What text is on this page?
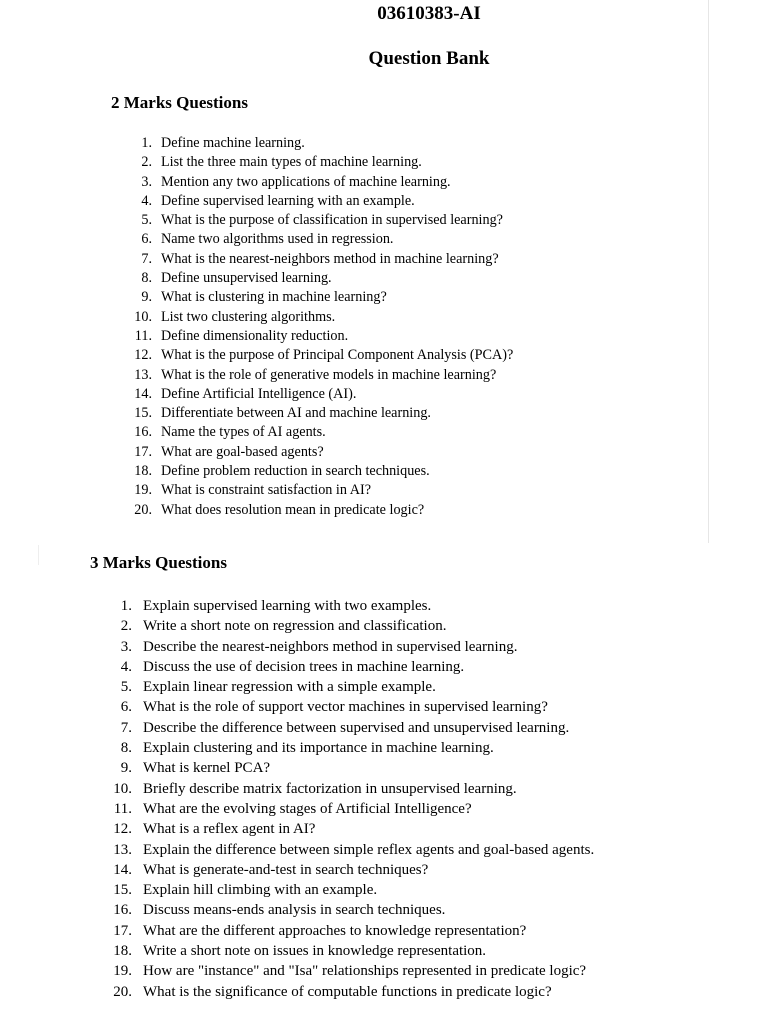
03610383-AI
Question Bank
2 Marks Questions
1. Define machine learning.
2. List the three main types of machine learning.
3. Mention any two applications of machine learning.
4. Define supervised learning with an example.
5. What is the purpose of classification in supervised learning?
6. Name two algorithms used in regression.
7. What is the nearest-neighbors method in machine learning?
8. Define unsupervised learning.
9. What is clustering in machine learning?
10. List two clustering algorithms.
11. Define dimensionality reduction.
12. What is the purpose of Principal Component Analysis (PCA)?
13. What is the role of generative models in machine learning?
14. Define Artificial Intelligence (AI).
15. Differentiate between AI and machine learning.
16. Name the types of AI agents.
17. What are goal-based agents?
18. Define problem reduction in search techniques.
19. What is constraint satisfaction in AI?
20. What does resolution mean in predicate logic?
3 Marks Questions
1. Explain supervised learning with two examples.
2. Write a short note on regression and classification.
3. Describe the nearest-neighbors method in supervised learning.
4. Discuss the use of decision trees in machine learning.
5. Explain linear regression with a simple example.
6. What is the role of support vector machines in supervised learning?
7. Describe the difference between supervised and unsupervised learning.
8. Explain clustering and its importance in machine learning.
9. What is kernel PCA?
10. Briefly describe matrix factorization in unsupervised learning.
11. What are the evolving stages of Artificial Intelligence?
12. What is a reflex agent in AI?
13. Explain the difference between simple reflex agents and goal-based agents.
14. What is generate-and-test in search techniques?
15. Explain hill climbing with an example.
16. Discuss means-ends analysis in search techniques.
17. What are the different approaches to knowledge representation?
18. Write a short note on issues in knowledge representation.
19. How are "instance" and "Isa" relationships represented in predicate logic?
20. What is the significance of computable functions in predicate logic?
